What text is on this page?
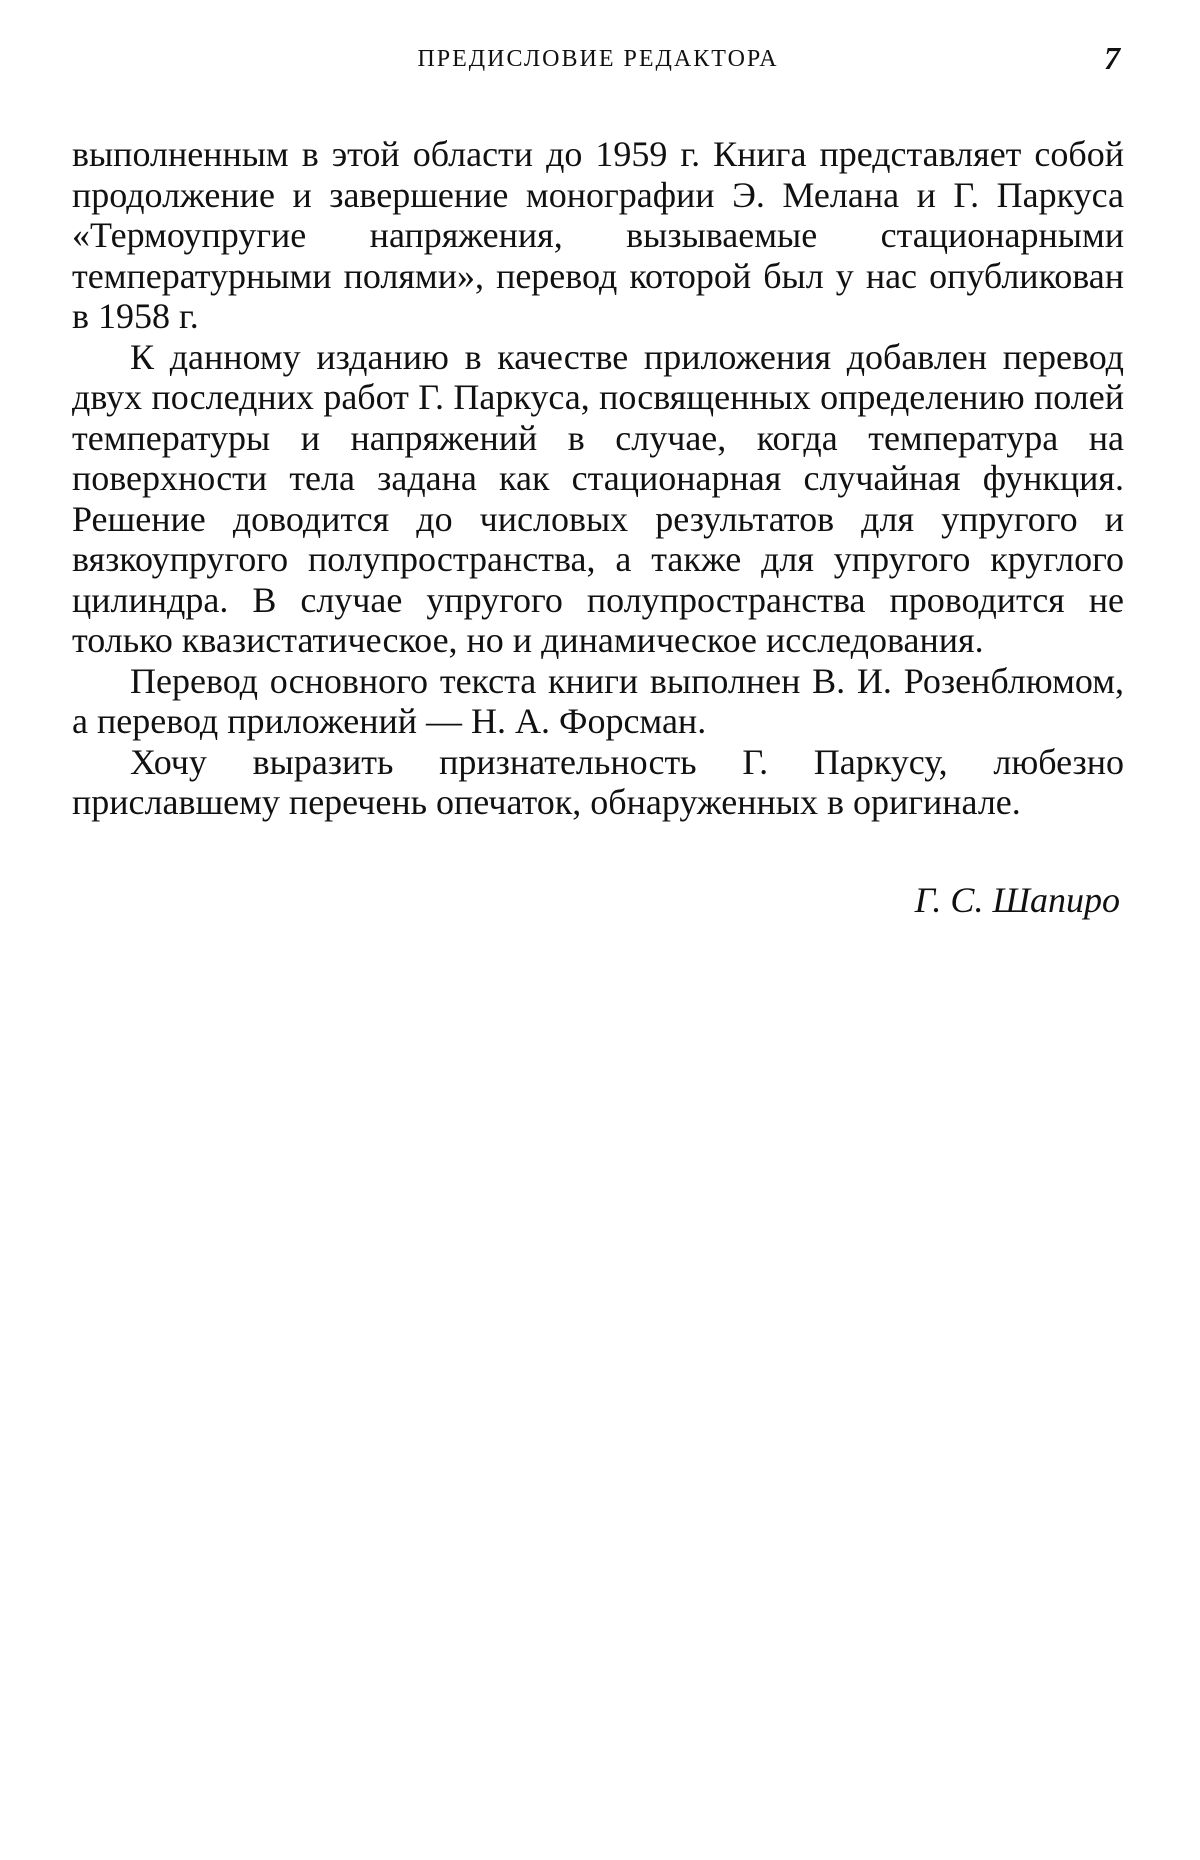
ПРЕДИСЛОВИЕ РЕДАКТОРА	7

выполненным в этой области до 1959 г. Книга представляет собой продолжение и завершение монографии Э. Мелана и Г. Паркуса «Термоупругие напряжения, вызываемые стационарными температурными полями», перевод которой был у нас опубликован в 1958 г.

К данному изданию в качестве приложения добавлен перевод двух последних работ Г. Паркуса, посвященных определению полей температуры и напряжений в случае, когда температура на поверхности тела задана как стационарная случайная функция. Решение доводится до числовых результатов для упругого и вязкоупругого полупространства, а также для упругого круглого цилиндра. В случае упругого полупространства проводится не только квазистатическое, но и динамическое исследования.

Перевод основного текста книги выполнен В. И. Розенблюмом, а перевод приложений — Н. А. Форсман.

Хочу выразить признательность Г. Паркусу, любезно приславшему перечень опечаток, обнаруженных в оригинале.

Г. С. Шапиро
